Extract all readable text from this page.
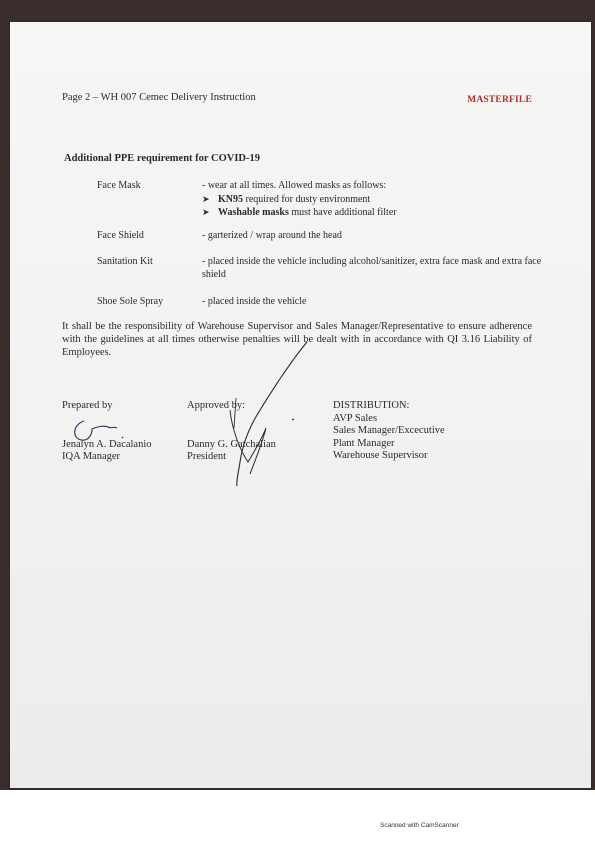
Page 2 – WH 007 Cemec Delivery Instruction	MASTERFILE
Additional PPE requirement for COVID-19
Face Mask	- wear at all times. Allowed masks as follows:
➤ KN95 required for dusty environment
➤ Washable masks must have additional filter
Face Shield	- garterized / wrap around the head
Sanitation Kit	- placed inside the vehicle including alcohol/sanitizer, extra face mask and extra face shield
Shoe Sole Spray	- placed inside the vehicle
It shall be the responsibility of Warehouse Supervisor and Sales Manager/Representative to ensure adherence with the guidelines at all times otherwise penalties will be dealt with in accordance with QI 3.16 Liability of Employees.
Prepared by
Jenalyn A. Dacalanio
IQA Manager
Approved by:
Danny G. Gatchalian
President
DISTRIBUTION:
AVP Sales
Sales Manager/Excecutive
Plant Manager
Warehouse Supervisor
Scanned with CamScanner
